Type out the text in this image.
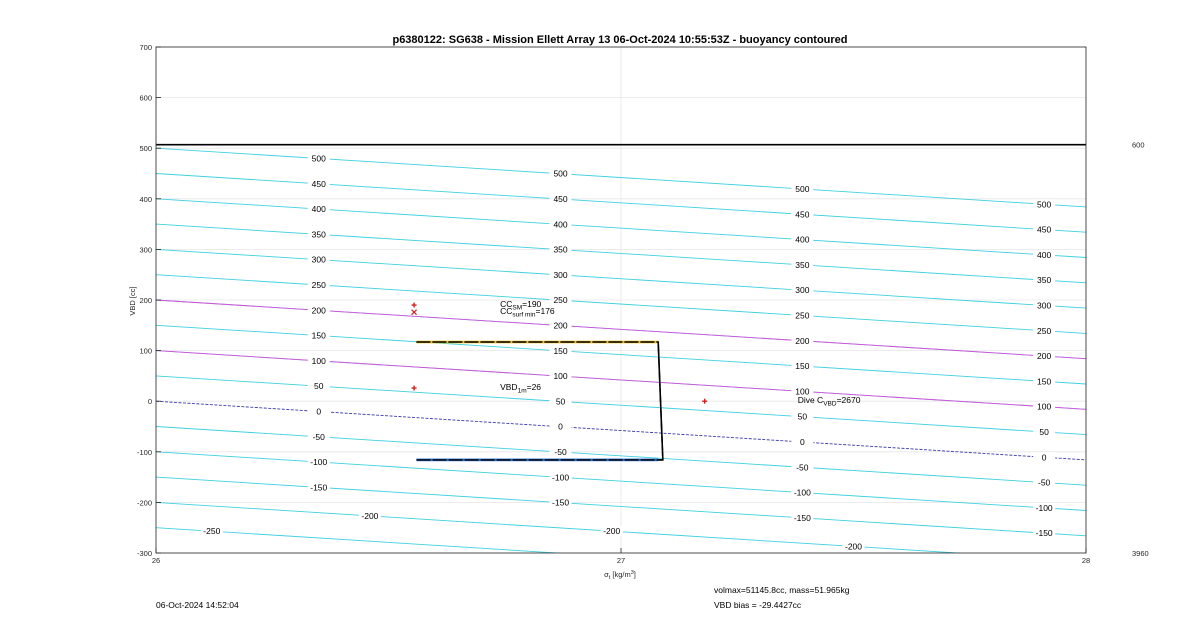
500
450
400
350
300
250
200
150
100
50
0
-50
-100
-150
-200
-250
500
450
400
350
300
250
200
150
100
50
0
-50
-100
-150
-200
500
450
400
350
300
250
200
150
100
50
0
-50
-100
-150
-200
500
450
400
350
300
250
200
150
100
50
0
-50
-100
-150
$CC_{SM}=190$
$CC_{surf min}=176$
$VBD_{1m}=26$
Dive $C_{VBD}=2670$
600
3960
-300
-200
-100
0
100
200
300
400
500
600
700
26	27	28
p6380122: SG638 - Mission Ellett Array 13 06-Oct-2024 10:55:53Z - buoyancy contoured
VBD [cc]
$\sigma_t$ $[kg/m^3]$
06-Oct-2024 14:52:04
volmax=51145.8cc, mass=51.965kg
VBD bias = -29.4427cc
